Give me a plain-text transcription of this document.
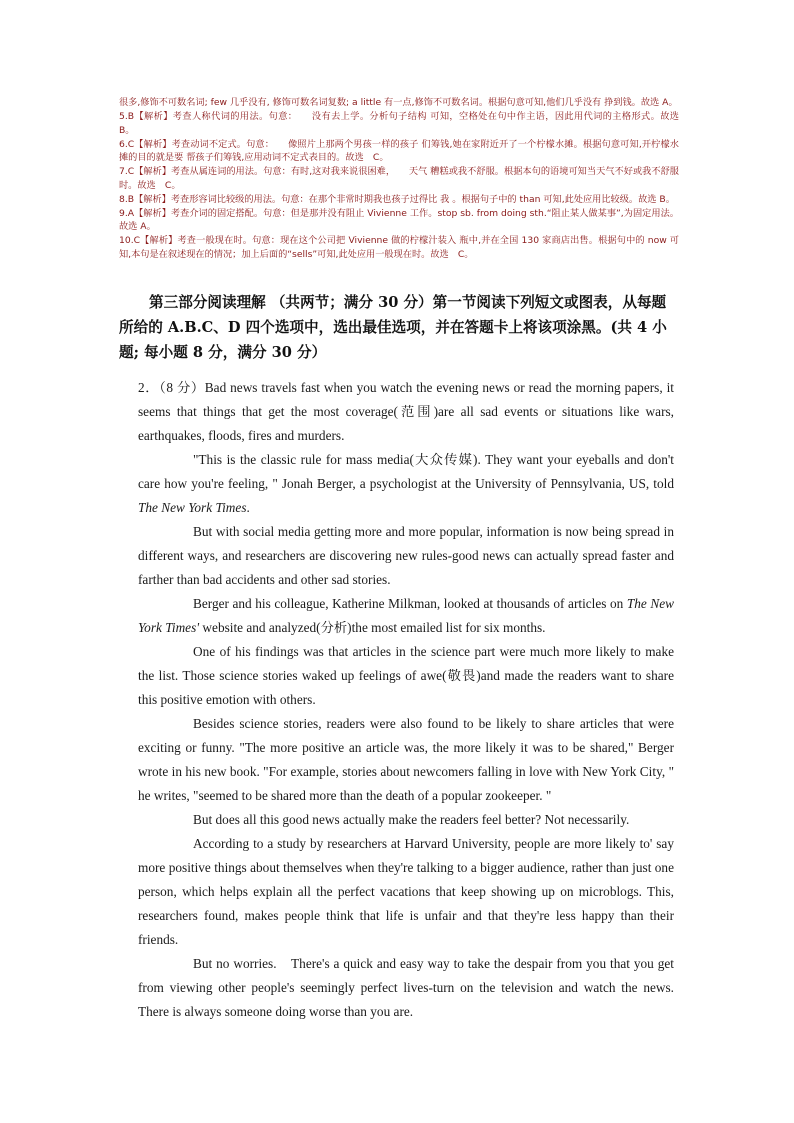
很多,修饰不可数名词; few 几乎没有, 修饰可数名词复数; a little 有一点,修饰不可数名词。根据句意可知,他们几乎没有 挣到钱。故选 A。

5.B【解析】考查人称代词的用法。句意：　　没有去上学。分析句子结构 可知，空格处在句中作主语，因此用代词的主格形式。故选　B。

6.C【解析】考查动词不定式。句意：　　像照片上那两个男孩一样的孩子 们筹钱,她在家附近开了一个柠檬水摊。根据句意可知,开柠檬水摊的目的就是要 帮孩子们筹钱,应用动词不定式表目的。故选　C。

7.C【解析】考查从属连词的用法。句意：有时,这对我来说很困难，　　天气 糟糕或我不舒服。根据本句的语境可知当天气不好或我不舒服时。故选　C。

8.B【解析】考查形容词比较级的用法。句意：在那个非常时期我也孩子过得比 我 。根据句子中的 than 可知,此处应用比较级。故选 B。

9.A【解析】考查介词的固定搭配。句意：但是那并没有阻止 Vivienne 工作。stop sb. from doing sth.“阻止某人做某事”,为固定用法。故选 A。

10.C【解析】考查一般现在时。句意：现在这个公司把 Vivienne 做的柠檬汁装入 瓶中,并在全国 130 家商店出售。根据句中的 now 可知,本句是在叙述现在的情况；加上后面的“sells”可知,此处应用一般现在时。故选　C。

第三部分阅读理解 （共两节；满分 30 分）第一节阅读下列短文或图表，从每题所给的 A.B.C、D 四个选项中，选出最佳选项，并在答题卡上将该项涂黑。(共 4 小题; 每小题 8 分，满分 30 分）

2．（8 分）Bad news travels fast when you watch the evening news or read the morning papers, it seems that things that get the most coverage(范围)are all sad events or situations like wars, earthquakes, floods, fires and murders.

"This is the classic rule for mass media(大众传媒). They want your eyeballs and don't care how you're feeling, " Jonah Berger, a psychologist at the University of Pennsylvania, US, told The New York Times.

But with social media getting more and more popular, information is now being spread in different ways, and researchers are discovering new rules-good news can actually spread faster and farther than bad accidents and other sad stories.

Berger and his colleague, Katherine Milkman, looked at thousands of articles on The New York Times' website and analyzed(分析)the most emailed list for six months.

One of his findings was that articles in the science part were much more likely to make the list. Those science stories waked up feelings of awe(敬畏)and made the readers want to share this positive emotion with others.

Besides science stories, readers were also found to be likely to share articles that were exciting or funny. "The more positive an article was, the more likely it was to be shared," Berger wrote in his new book. "For example, stories about newcomers falling in love with New York City, " he writes, "seemed to be shared more than the death of a popular zookeeper. "

But does all this good news actually make the readers feel better? Not necessarily.

According to a study by researchers at Harvard University, people are more likely to' say more positive things about themselves when they're talking to a bigger audience, rather than just one person, which helps explain all the perfect vacations that keep showing up on microblogs. This, researchers found, makes people think that life is unfair and that they're less happy than their friends.

But no worries.　There's a quick and easy way to take the despair from you that you get from viewing other people's seemingly perfect lives-turn on the television and watch the news.　There is always someone doing worse than you are.
